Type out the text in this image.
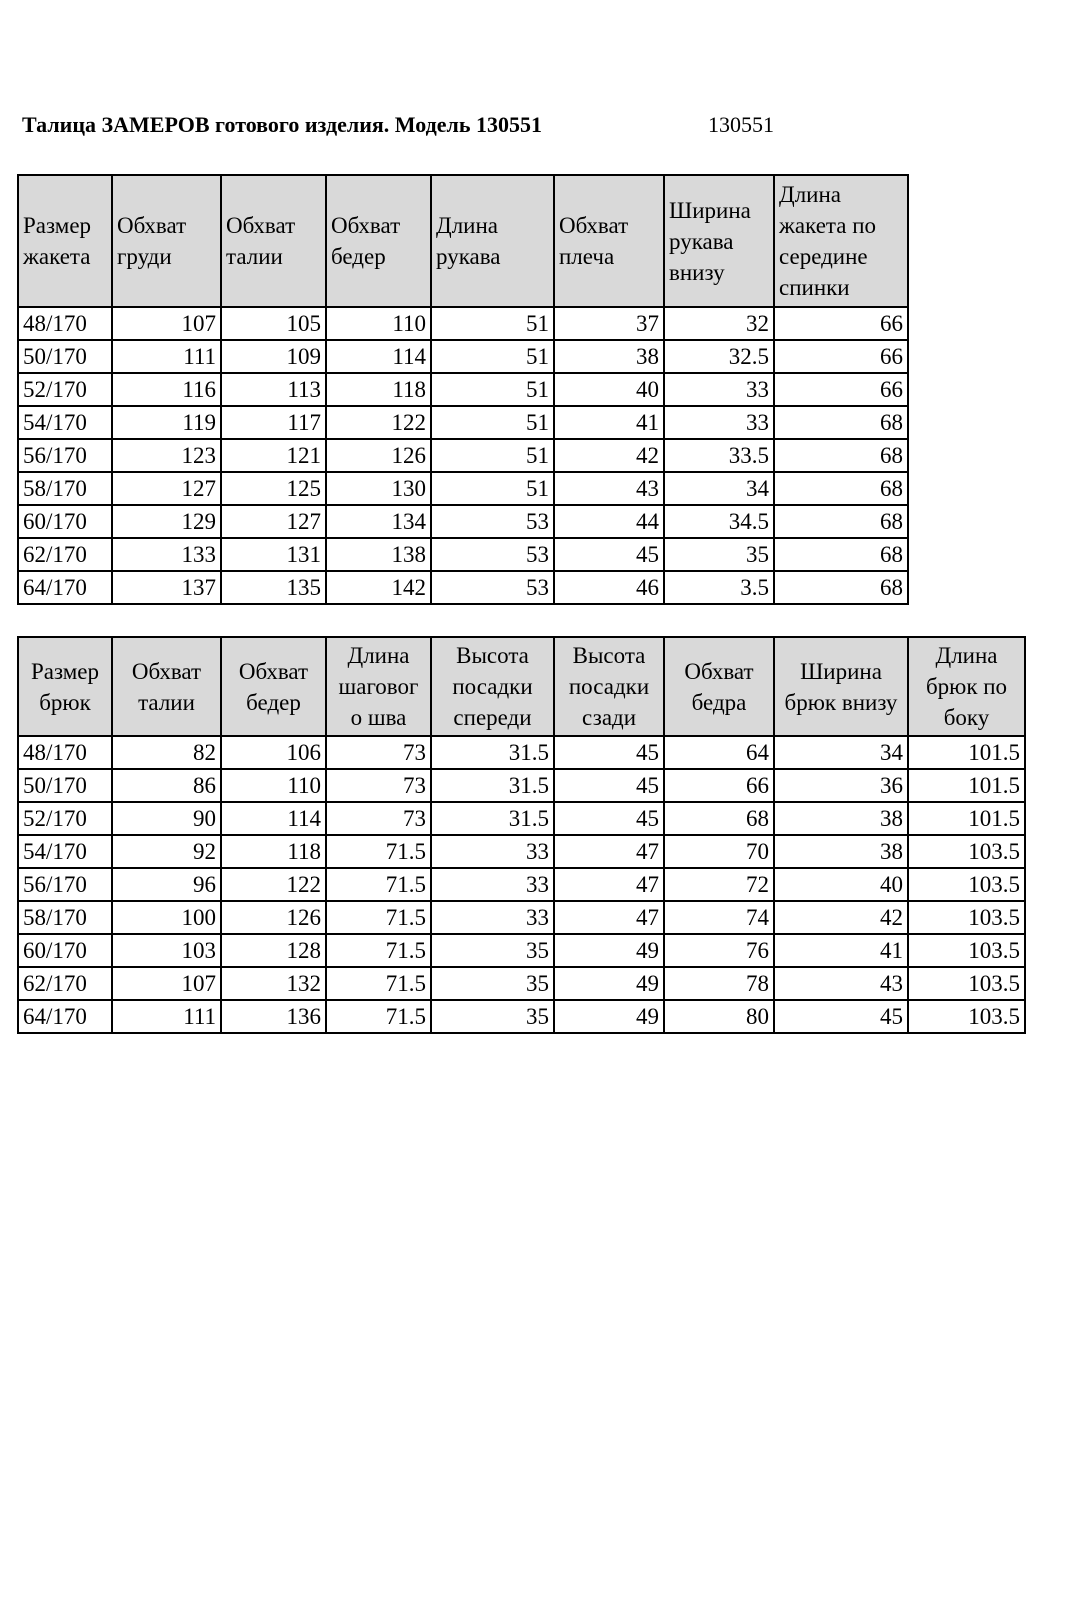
Талица ЗАМЕРОВ готового изделия. Модель 130551	130551
Размер жакета	Обхват груди	Обхват талии	Обхват бедер	Длина рукава	Обхват плеча	Ширина рукава внизу	Длина жакета по середине спинки
48/170	107	105	110	51	37	32	66
50/170	111	109	114	51	38	32.5	66
52/170	116	113	118	51	40	33	66
54/170	119	117	122	51	41	33	68
56/170	123	121	126	51	42	33.5	68
58/170	127	125	130	51	43	34	68
60/170	129	127	134	53	44	34.5	68
62/170	133	131	138	53	45	35	68
64/170	137	135	142	53	46	3.5	68
Размер брюк	Обхват талии	Обхват бедер	Длина шаговог о шва	Высота посадки спереди	Высота посадки сзади	Обхват бедра	Ширина брюк внизу	Длина брюк по боку
48/170	82	106	73	31.5	45	64	34	101.5
50/170	86	110	73	31.5	45	66	36	101.5
52/170	90	114	73	31.5	45	68	38	101.5
54/170	92	118	71.5	33	47	70	38	103.5
56/170	96	122	71.5	33	47	72	40	103.5
58/170	100	126	71.5	33	47	74	42	103.5
60/170	103	128	71.5	35	49	76	41	103.5
62/170	107	132	71.5	35	49	78	43	103.5
64/170	111	136	71.5	35	49	80	45	103.5
